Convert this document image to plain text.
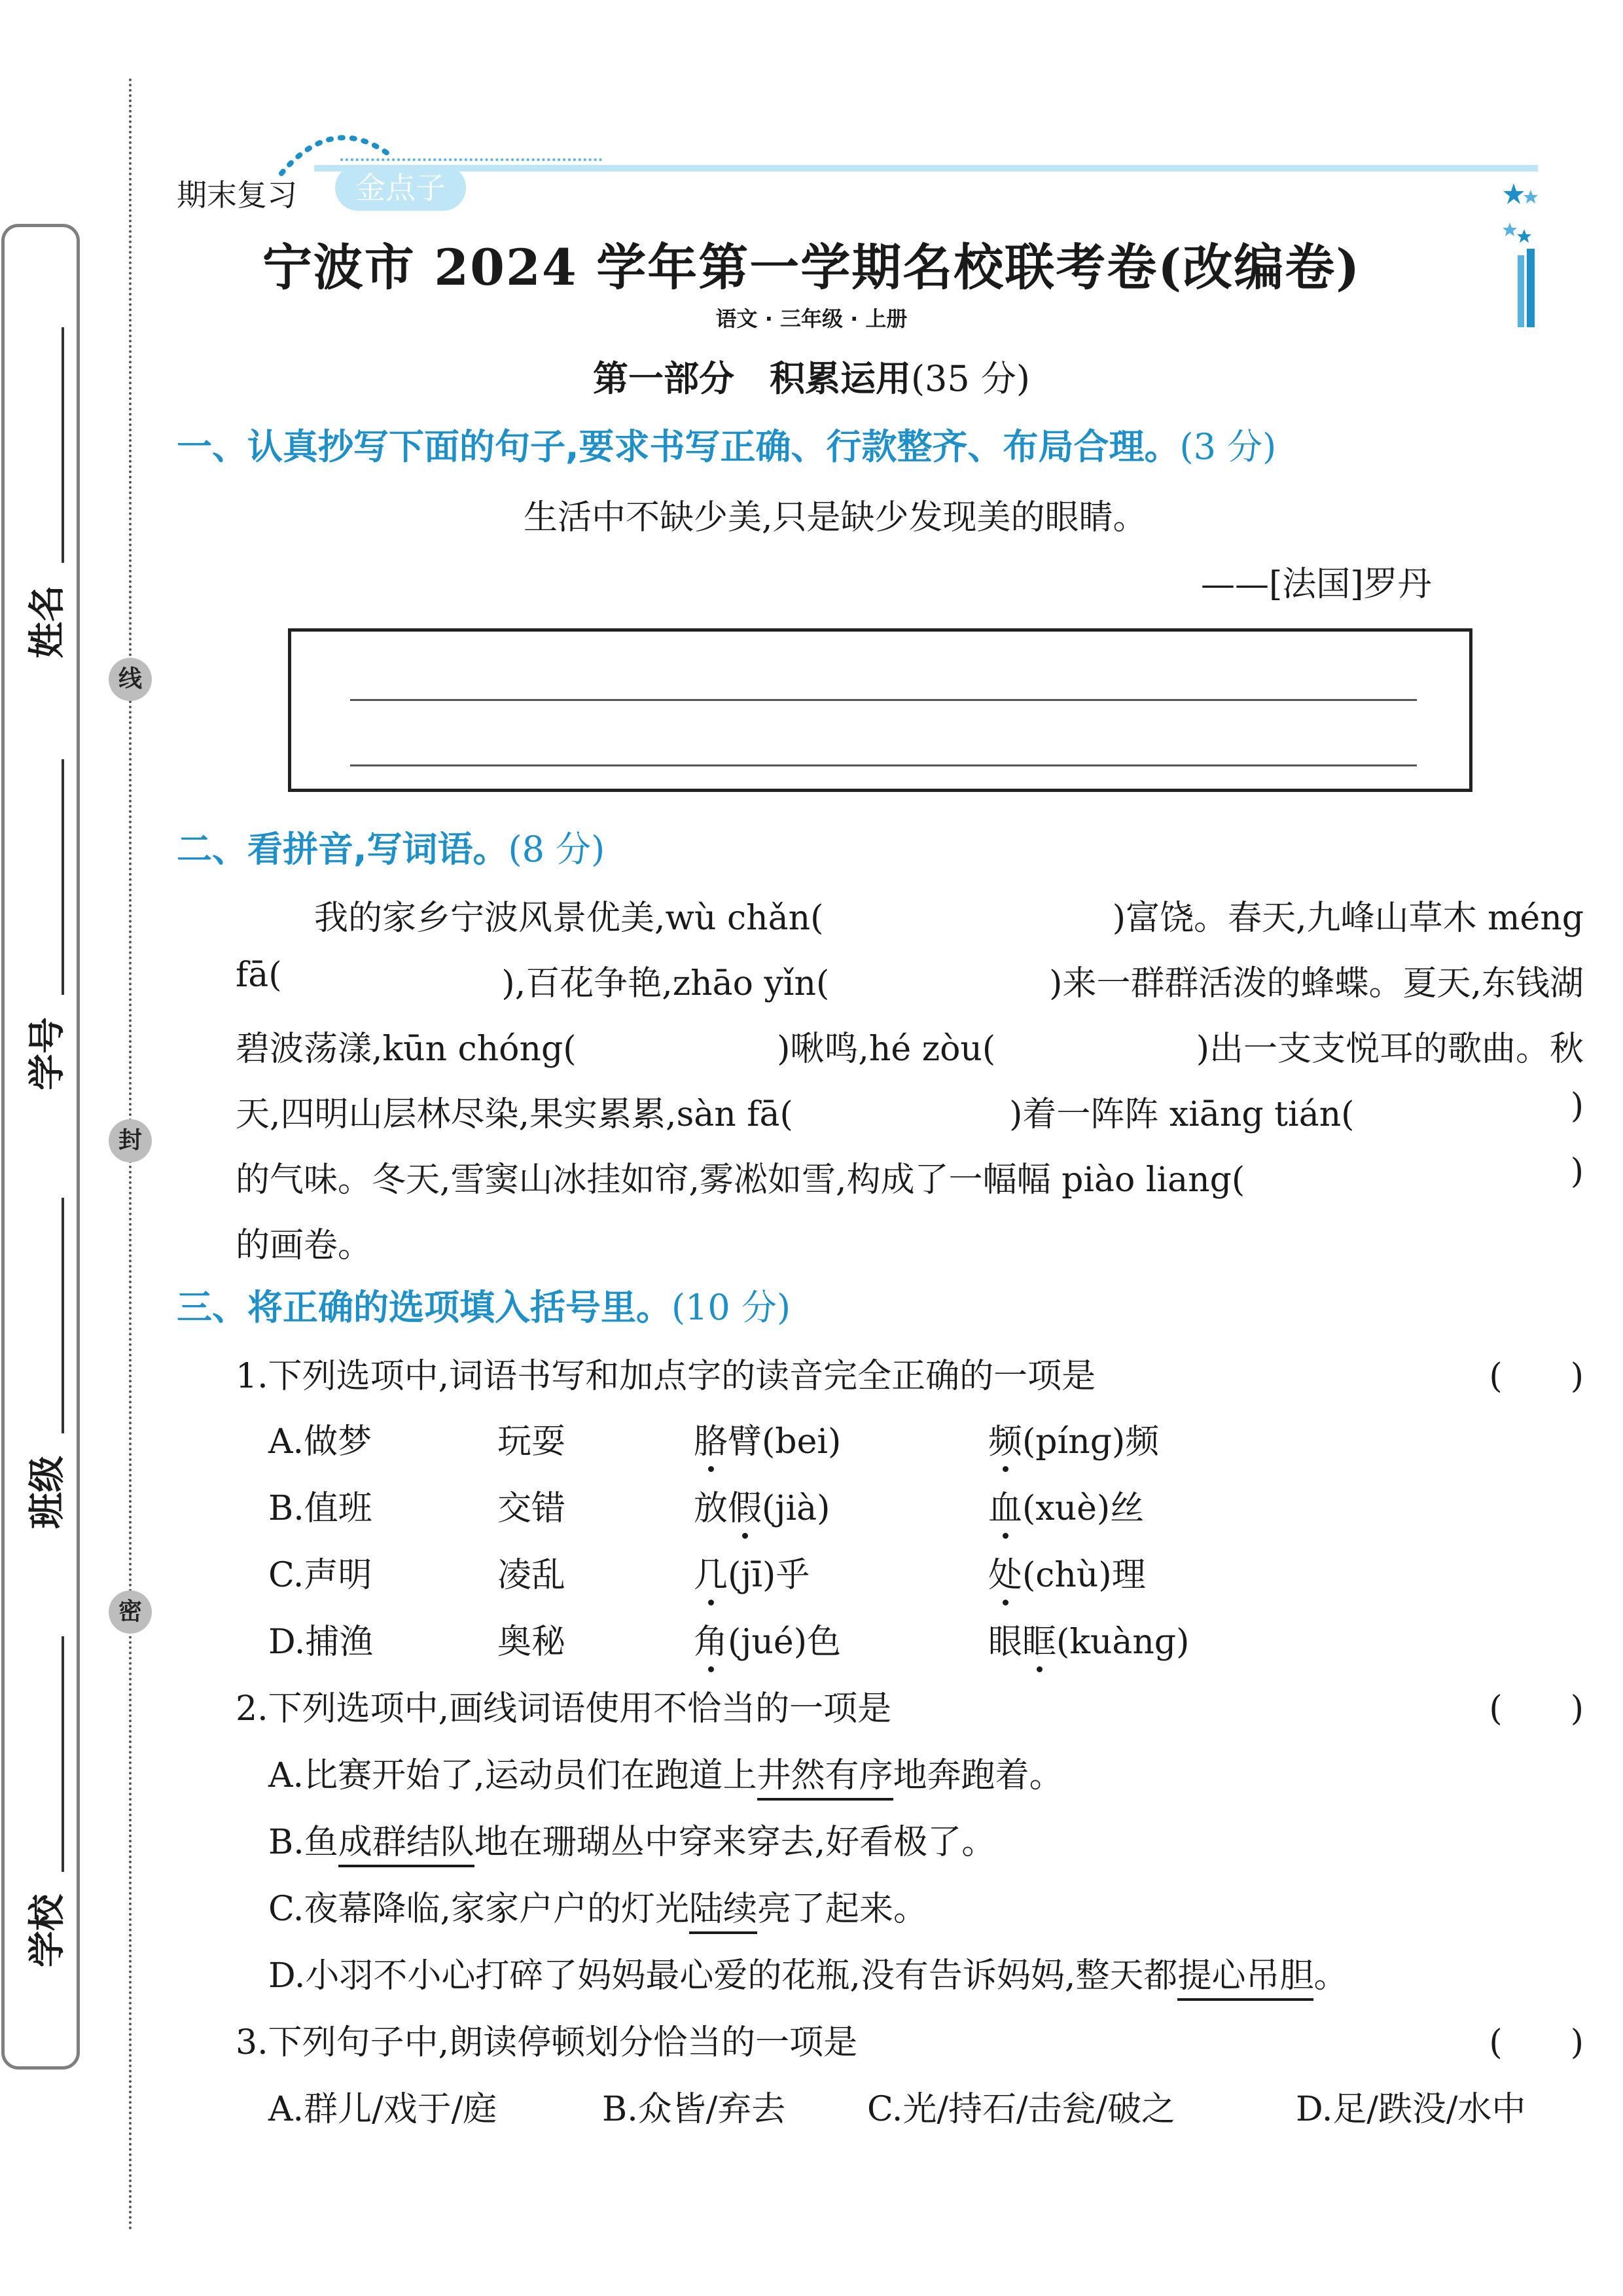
姓名
学号
班级
学校
线
封
密
期末复习	金点子
宁波市 2024 学年第一学期名校联考卷(改编卷)
语文 · 三年级 · 上册
第一部分　积累运用(35 分)
一、认真抄写下面的句子,要求书写正确、行款整齐、布局合理。(3 分)
生活中不缺少美,只是缺少发现美的眼睛。
——[法国]罗丹
二、看拼音,写词语。(8 分)
我的家乡宁波风景优美,wù chǎn(	)富饶。春天,九峰山草木 méng
fā(	),百花争艳,zhāo yǐn(	)来一群群活泼的蜂蝶。夏天,东钱湖
碧波荡漾,kūn chóng(	)啾鸣,hé zòu(	)出一支支悦耳的歌曲。秋
天,四明山层林尽染,果实累累,sàn fā(	)着一阵阵 xiāng tián(	)
的气味。冬天,雪窦山冰挂如帘,雾凇如雪,构成了一幅幅 piào liang(	)
的画卷。
三、将正确的选项填入括号里。(10 分)
1.下列选项中,词语书写和加点字的读音完全正确的一项是	(　　)
A.做梦	玩耍	胳臂(bei)	频(pínɡ)频
B.值班	交错	放假(jià)	血(xuè)丝
C.声明	凌乱	几(jī)乎	处(chù)理
D.捕渔	奥秘	角(jué)色	眼眶(kuànɡ)
2.下列选项中,画线词语使用不恰当的一项是	(　　)
A.比赛开始了,运动员们在跑道上井然有序地奔跑着。
B.鱼成群结队地在珊瑚丛中穿来穿去,好看极了。
C.夜幕降临,家家户户的灯光陆续亮了起来。
D.小羽不小心打碎了妈妈最心爱的花瓶,没有告诉妈妈,整天都提心吊胆。
3.下列句子中,朗读停顿划分恰当的一项是	(　　)
A.群儿/戏于/庭	B.众皆/弃去 C.光/持石/击瓮/破之	D.足/跌没/水中
